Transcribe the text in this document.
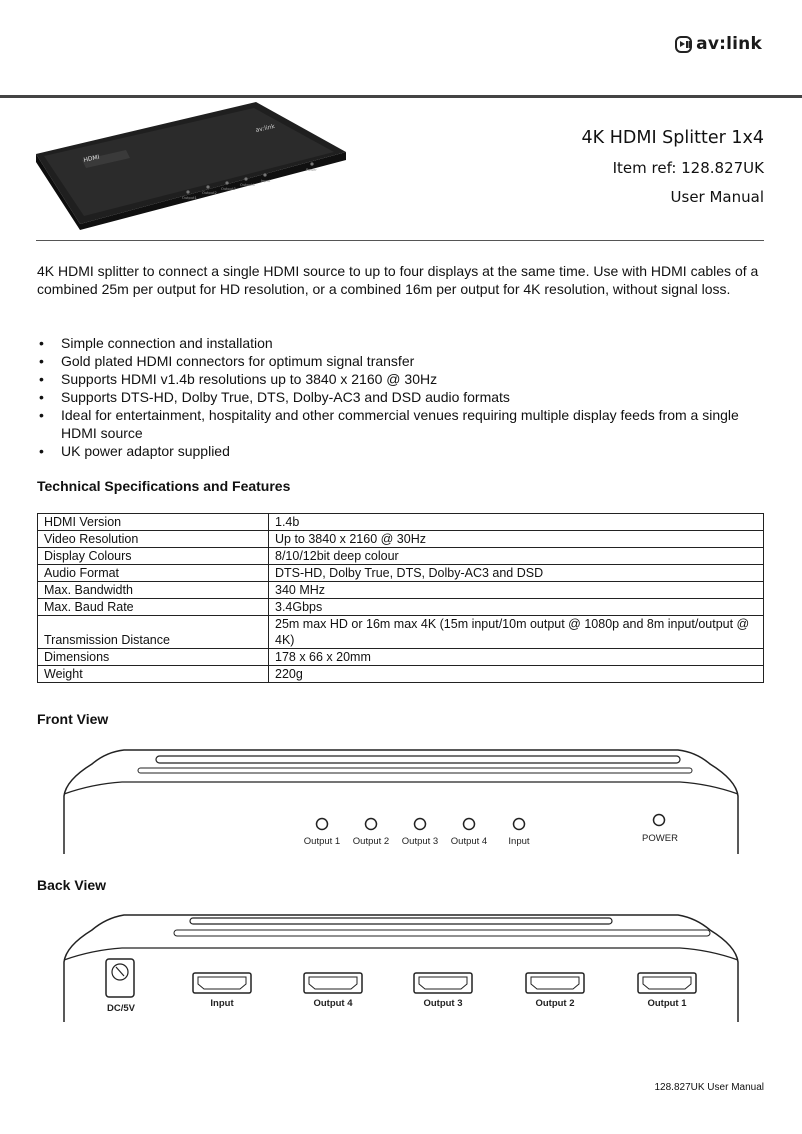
av:link
HDMI
av:link
Output1
Output2
Output3
Output4
Input
Power
4K HDMI Splitter 1x4
Item ref: 128.827UK
User Manual
4K HDMI splitter to connect a single HDMI source to up to four displays at the same time. Use with HDMI cables of a combined 25m per output for HD resolution, or a combined 16m per output for 4K resolution, without signal loss.
• Simple connection and installation
• Gold plated HDMI connectors for optimum signal transfer
• Supports HDMI v1.4b resolutions up to 3840 x 2160 @ 30Hz
• Supports DTS-HD, Dolby True, DTS, Dolby-AC3 and DSD audio formats
• Ideal for entertainment, hospitality and other commercial venues requiring multiple display feeds from a single HDMI source
• UK power adaptor supplied
Technical Specifications and Features
HDMI Version	1.4b
Video Resolution	Up to 3840 x 2160 @ 30Hz
Display Colours	8/10/12bit deep colour
Audio Format	DTS-HD, Dolby True, DTS, Dolby-AC3 and DSD
Max. Bandwidth	340 MHz
Max. Baud Rate	3.4Gbps
Transmission Distance	25m max HD or 16m max 4K (15m input/10m output @ 1080p and 8m input/output @ 4K)
Dimensions	178 x 66 x 20mm
Weight	220g
Front View
Output 1 Output 2 Output 3 Output 4 Input	POWER
Back View
DC/5V	Input	Output 4	Output 3	Output 2	Output 1
128.827UK User Manual
